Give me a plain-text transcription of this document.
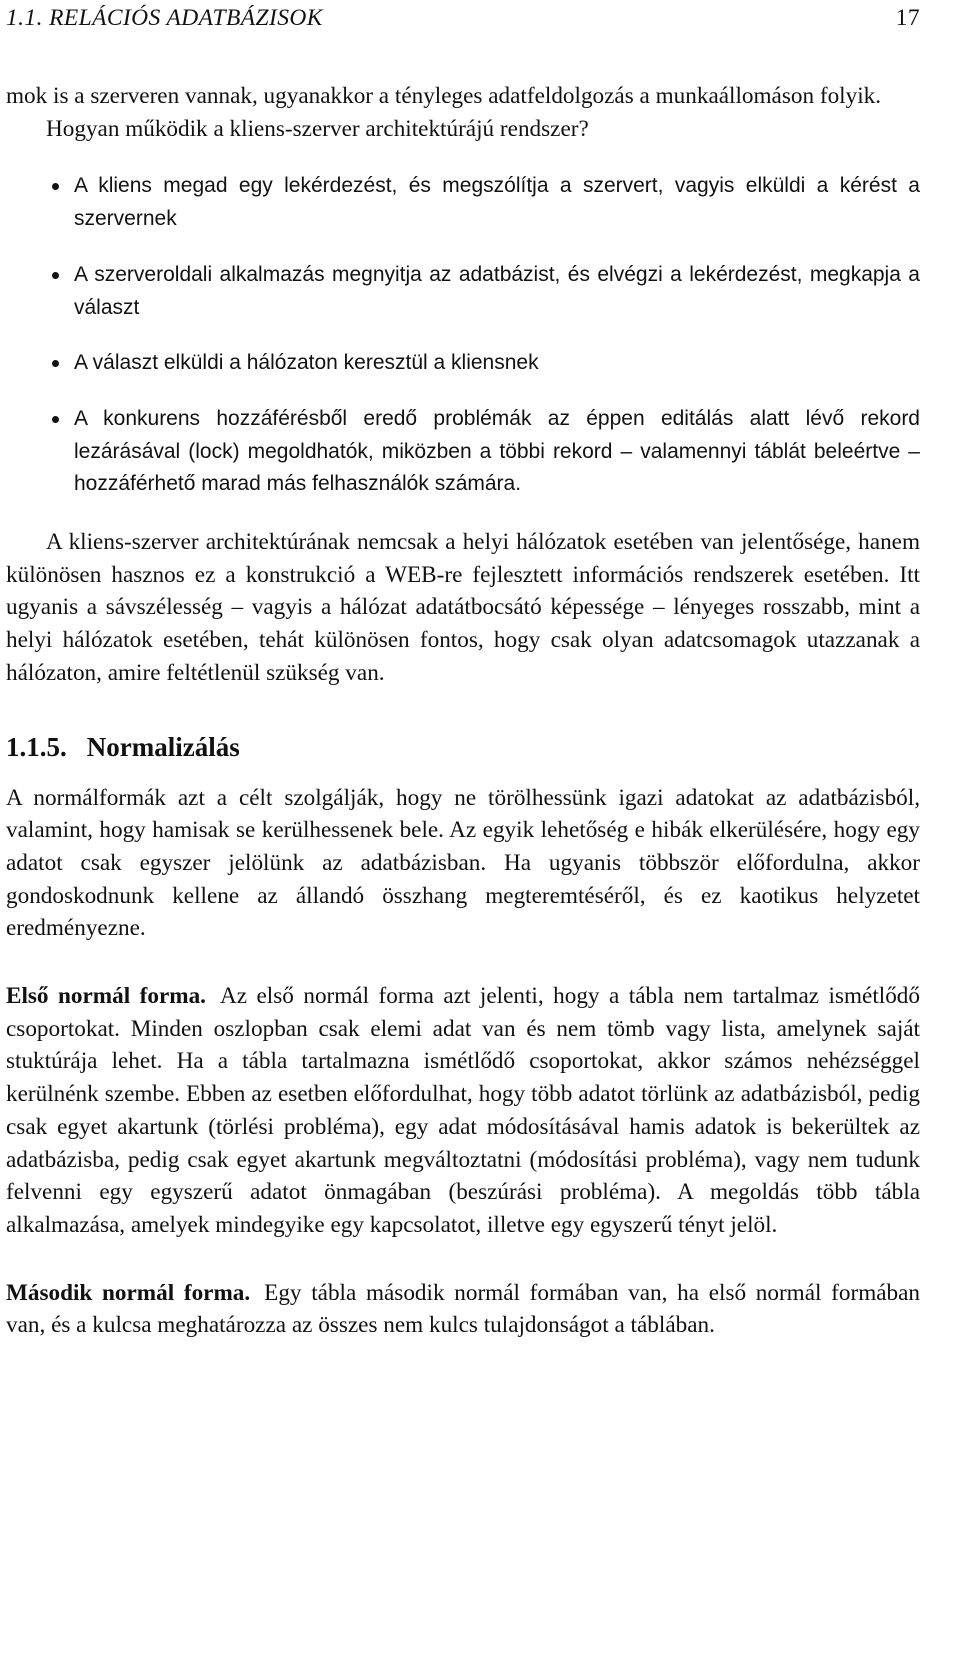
1.1. RELÁCIÓS ADATBÁZISOK	17

mok is a szerveren vannak, ugyanakkor a tényleges adatfeldolgozás a munkaállomáson folyik.

Hogyan működik a kliens-szerver architektúrájú rendszer?

A kliens megad egy lekérdezést, és megszólítja a szervert, vagyis elküldi a kérést a szervernek
A szerveroldali alkalmazás megnyitja az adatbázist, és elvégzi a lekérdezést, megkapja a választ
A választ elküldi a hálózaton keresztül a kliensnek
A konkurens hozzáférésből eredő problémák az éppen editálás alatt lévő rekord lezárásával (lock) megoldhatók, miközben a többi rekord – valamennyi táblát beleértve – hozzáférhető marad más felhasználók számára.

A kliens-szerver architektúrának nemcsak a helyi hálózatok esetében van jelentősége, hanem különösen hasznos ez a konstrukció a WEB-re fejlesztett információs rendszerek esetében. Itt ugyanis a sávszélesség – vagyis a hálózat adatátbocsátó képessége – lényeges rosszabb, mint a helyi hálózatok esetében, tehát különösen fontos, hogy csak olyan adatcsomagok utazzanak a hálózaton, amire feltétlenül szükség van.

1.1.5. Normalizálás

A normálformák azt a célt szolgálják, hogy ne törölhessünk igazi adatokat az adatbázisból, valamint, hogy hamisak se kerülhessenek bele. Az egyik lehetőség e hibák elkerülésére, hogy egy adatot csak egyszer jelölünk az adatbázisban. Ha ugyanis többször előfordulna, akkor gondoskodnunk kellene az állandó összhang megteremtéséről, és ez kaotikus helyzetet eredményezne.

Első normál forma. Az első normál forma azt jelenti, hogy a tábla nem tartalmaz ismétlődő csoportokat. Minden oszlopban csak elemi adat van és nem tömb vagy lista, amelynek saját stuktúrája lehet. Ha a tábla tartalmazna ismétlődő csoportokat, akkor számos nehézséggel kerülnénk szembe. Ebben az esetben előfordulhat, hogy több adatot törlünk az adatbázisból, pedig csak egyet akartunk (törlési probléma), egy adat módosításával hamis adatok is bekerültek az adatbázisba, pedig csak egyet akartunk megváltoztatni (módosítási probléma), vagy nem tudunk felvenni egy egyszerű adatot önmagában (beszúrási probléma). A megoldás több tábla alkalmazása, amelyek mindegyike egy kapcsolatot, illetve egy egyszerű tényt jelöl.

Második normál forma. Egy tábla második normál formában van, ha első normál formában van, és a kulcsa meghatározza az összes nem kulcs tulajdonságot a táblában.
